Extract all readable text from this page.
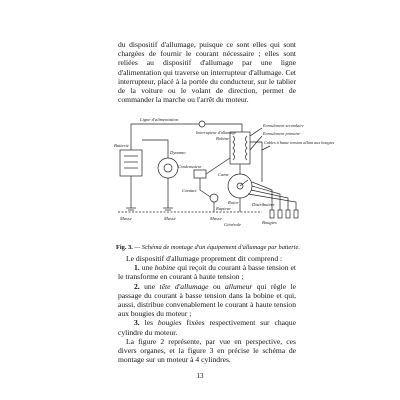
du dispositif d'allumage, puisque ce sont elles qui sont chargées de fournir le courant nécessaire ; elles sont reliées au dispositif d'allumage par une ligne d'alimentation qui traverse un interrupteur d'allumage. Cet interrupteur, placé à la portée du conducteur, sur le tablier de la voiture ou le volant de direction, permet de commander la marche ou l'arrêt du moteur.

Ligne d'alimentation
Interrupteur d'allumage
Batterie
Dynamo
Bobine
Condensateur
Contact
Came
Rotor	Distributeur
Rupteur
Masse	Masse	Masse
Générale	Bougies
Enroulement secondaire
Enroulement primaire
Cables à haute tension allant aux bougies

Fig. 3. — Schéma de montage d'un équipement d'allumage par batterie.

Le dispositif d'allumage proprement dit comprend :
1. une bobine qui reçoit du courant à basse tension et le transforme en courant à haute tension ;
2. une tête d'allumage ou allumeur qui règle le passage du courant à basse tension dans la bobine et qui, aussi, distribue convenablement le courant à haute tension aux bougies du moteur ;
3. les bougies fixées respectivement sur chaque cylindre du moteur.
La figure 2 représente, par vue en perspective, ces divers organes, et la figure 3 en précise le schéma de montage sur un moteur à 4 cylindres.
13
